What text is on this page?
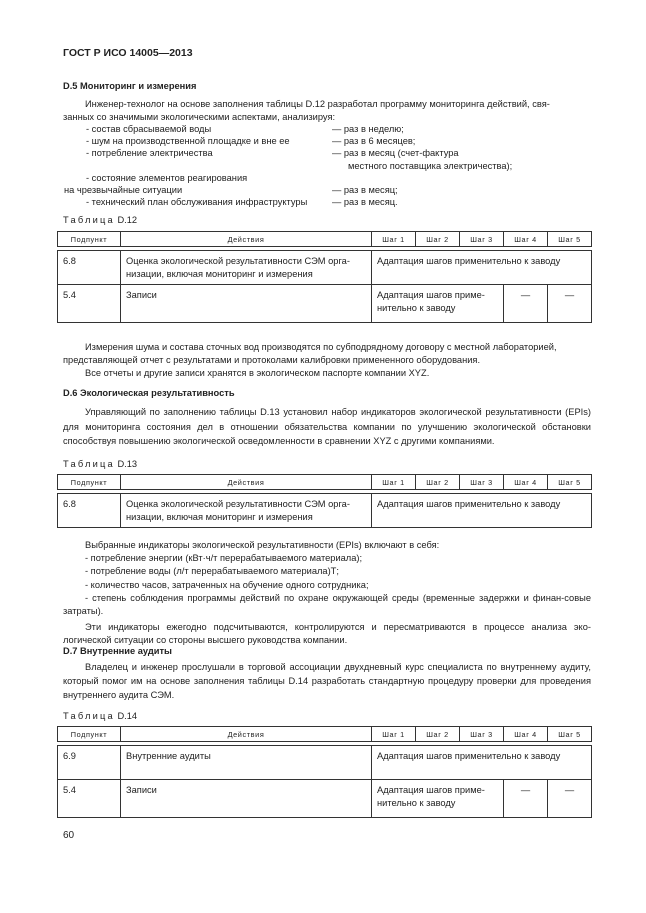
ГОСТ Р ИСО 14005—2013
D.5 Мониторинг и измерения
Инженер-технолог на основе заполнения таблицы D.12 разработал программу мониторинга действий, свя-
занных со значимыми экологическими аспектами, анализируя:
- состав сбрасываемой воды	— раз в неделю;
- шум на производственной площадке и вне ее	— раз в 6 месяцев;
- потребление электричества	— раз в месяц (счет-фактура
местного поставщика электричества);
- состояние элементов реагирования
на чрезвычайные ситуации	— раз в месяц;
- технический план обслуживания инфраструктуры	— раз в месяц.
Таблица D.12
Подпункт	Действия	Шаг 1	Шаг 2	Шаг 3	Шаг 4	Шаг 5

6.8	Оценка экологической результативности СЭМ орга-низации, включая мониторинг и измерения	Адаптация шагов применительно к заводу				
5.4	Записи	Адаптация шагов приме-нительно к заводу			—	—
Измерения шума и состава сточных вод производятся по субподрядному договору с местной лабораторией,
представляющей отчет с результатами и протоколами калибровки примененного оборудования.
Все отчеты и другие записи хранятся в экологическом паспорте компании XYZ.
D.6 Экологическая результативность
Управляющий по заполнению таблицы D.13 установил набор индикаторов экологической результативности (EPIs) для мониторинга состояния дел в отношении обязательства компании по улучшению экологической обстановки способствуя повышению экологической осведомленности в сравнении XYZ с другими компаниями.
Таблица D.13
Подпункт	Действия	Шаг 1	Шаг 2	Шаг 3	Шаг 4	Шаг 5

6.8	Оценка экологической результативности СЭМ орга-низации, включая мониторинг и измерения	Адаптация шагов применительно к заводу				
Выбранные индикаторы экологической результативности (EPIs) включают в себя:
- потребление энергии (кВт·ч/т перерабатываемого материала);
- потребление воды (л/т перерабатываемого материала)Т;
- количество часов, затраченных на обучение одного сотрудника;
- степень соблюдения программы действий по охране окружающей среды (временные задержки и финан-совые затраты).
Эти индикаторы ежегодно подсчитываются, контролируются и пересматриваются в процессе анализа эко-логической ситуации со стороны высшего руководства компании.
D.7 Внутренние аудиты
Владелец и инженер прослушали в торговой ассоциации двухдневный курс специалиста по внутреннему аудиту, который помог им на основе заполнения таблицы D.14 разработать стандартную процедуру проверки для проведения внутреннего аудита СЭМ.
Таблица D.14
Подпункт	Действия	Шаг 1	Шаг 2	Шаг 3	Шаг 4	Шаг 5

6.9	Внутренние аудиты	Адаптация шагов применительно к заводу				
5.4	Записи	Адаптация шагов приме-нительно к заводу			—	—
60
